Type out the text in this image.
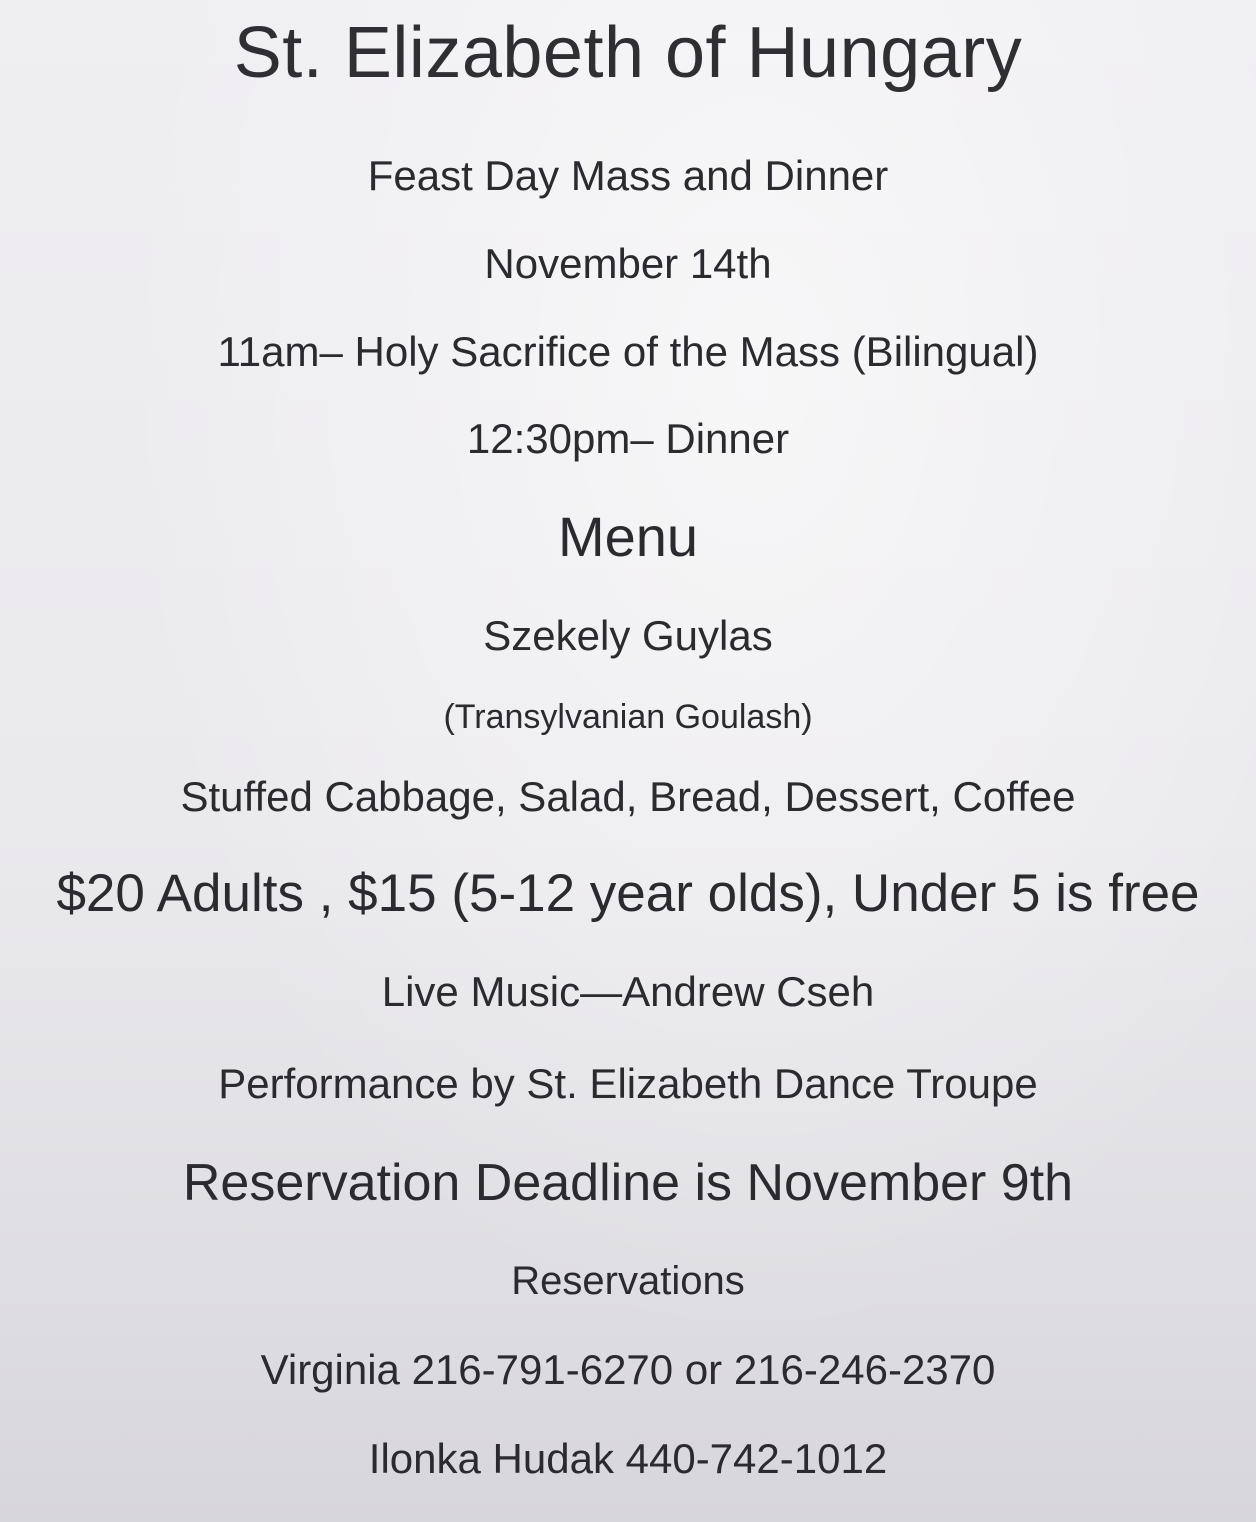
St. Elizabeth of Hungary
Feast Day Mass and Dinner
November 14th
11am– Holy Sacrifice of the Mass (Bilingual)
12:30pm– Dinner
Menu
Szekely Guylas
(Transylvanian Goulash)
Stuffed Cabbage, Salad, Bread, Dessert, Coffee
$20 Adults , $15 (5-12 year olds), Under 5 is free
Live Music—Andrew Cseh
Performance by St. Elizabeth Dance Troupe
Reservation Deadline is November 9th
Reservations
Virginia 216-791-6270 or 216-246-2370
Ilonka Hudak 440-742-1012
